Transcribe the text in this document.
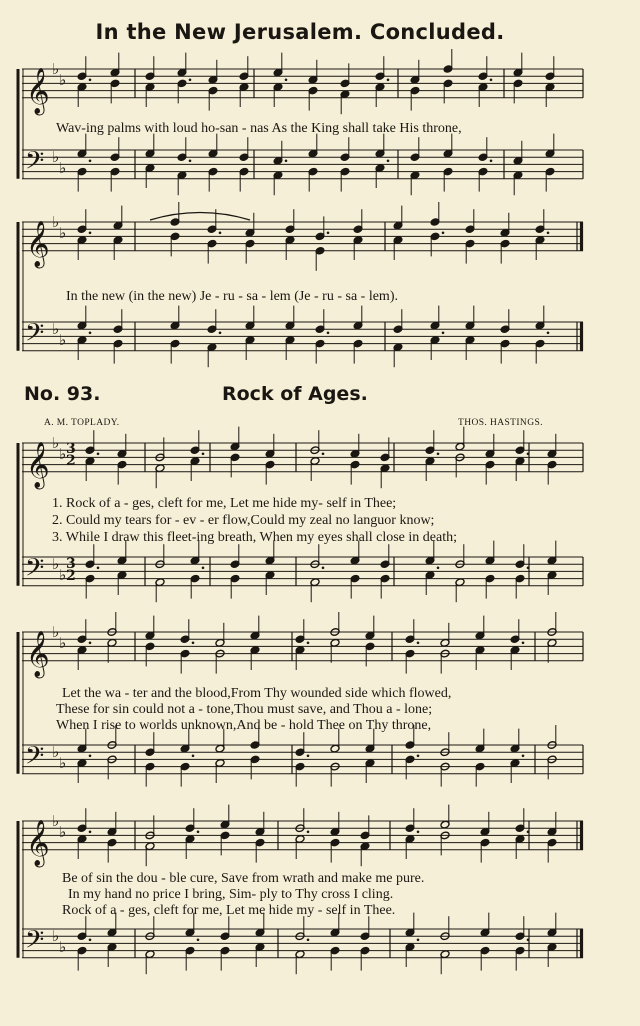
In the New Jerusalem. Concluded.
No. 93.	Rock of Ages.
A. M. TOPLADY.	THOS. HASTINGS.
Wav-ing palms with loud ho-san - nas As the King shall take His throne,
In the new (in the new) Je - ru - sa - lem (Je - ru - sa - lem).
1. Rock of a - ges, cleft for me, Let me hide my- self in Thee;
2. Could my tears for - ev - er flow,Could my zeal no languor know;
3. While I draw this fleet-ing breath, When my eyes shall close in death;
Let the wa - ter and the blood,From Thy wounded side which flowed,
These for sin could not a - tone,Thou must save, and Thou a - lone;
When I rise to worlds unknown,And be - hold Thee on Thy throne,
Be of sin the dou - ble cure, Save from wrath and make me pure.
In my hand no price I bring, Sim- ply to Thy cross I cling.
Rock of a - ges, cleft for me, Let me hide my - self in Thee.
3
2
3
2
𝄞 ♭
♭
𝄢 ♭
♭
𝄞 ♭
♭
𝄢 ♭
♭
𝄞 ♭
♭
𝄢 ♭
♭
𝄞 ♭
♭
𝄢 ♭
♭
𝄞 ♭
♭
𝄢 ♭
♭
